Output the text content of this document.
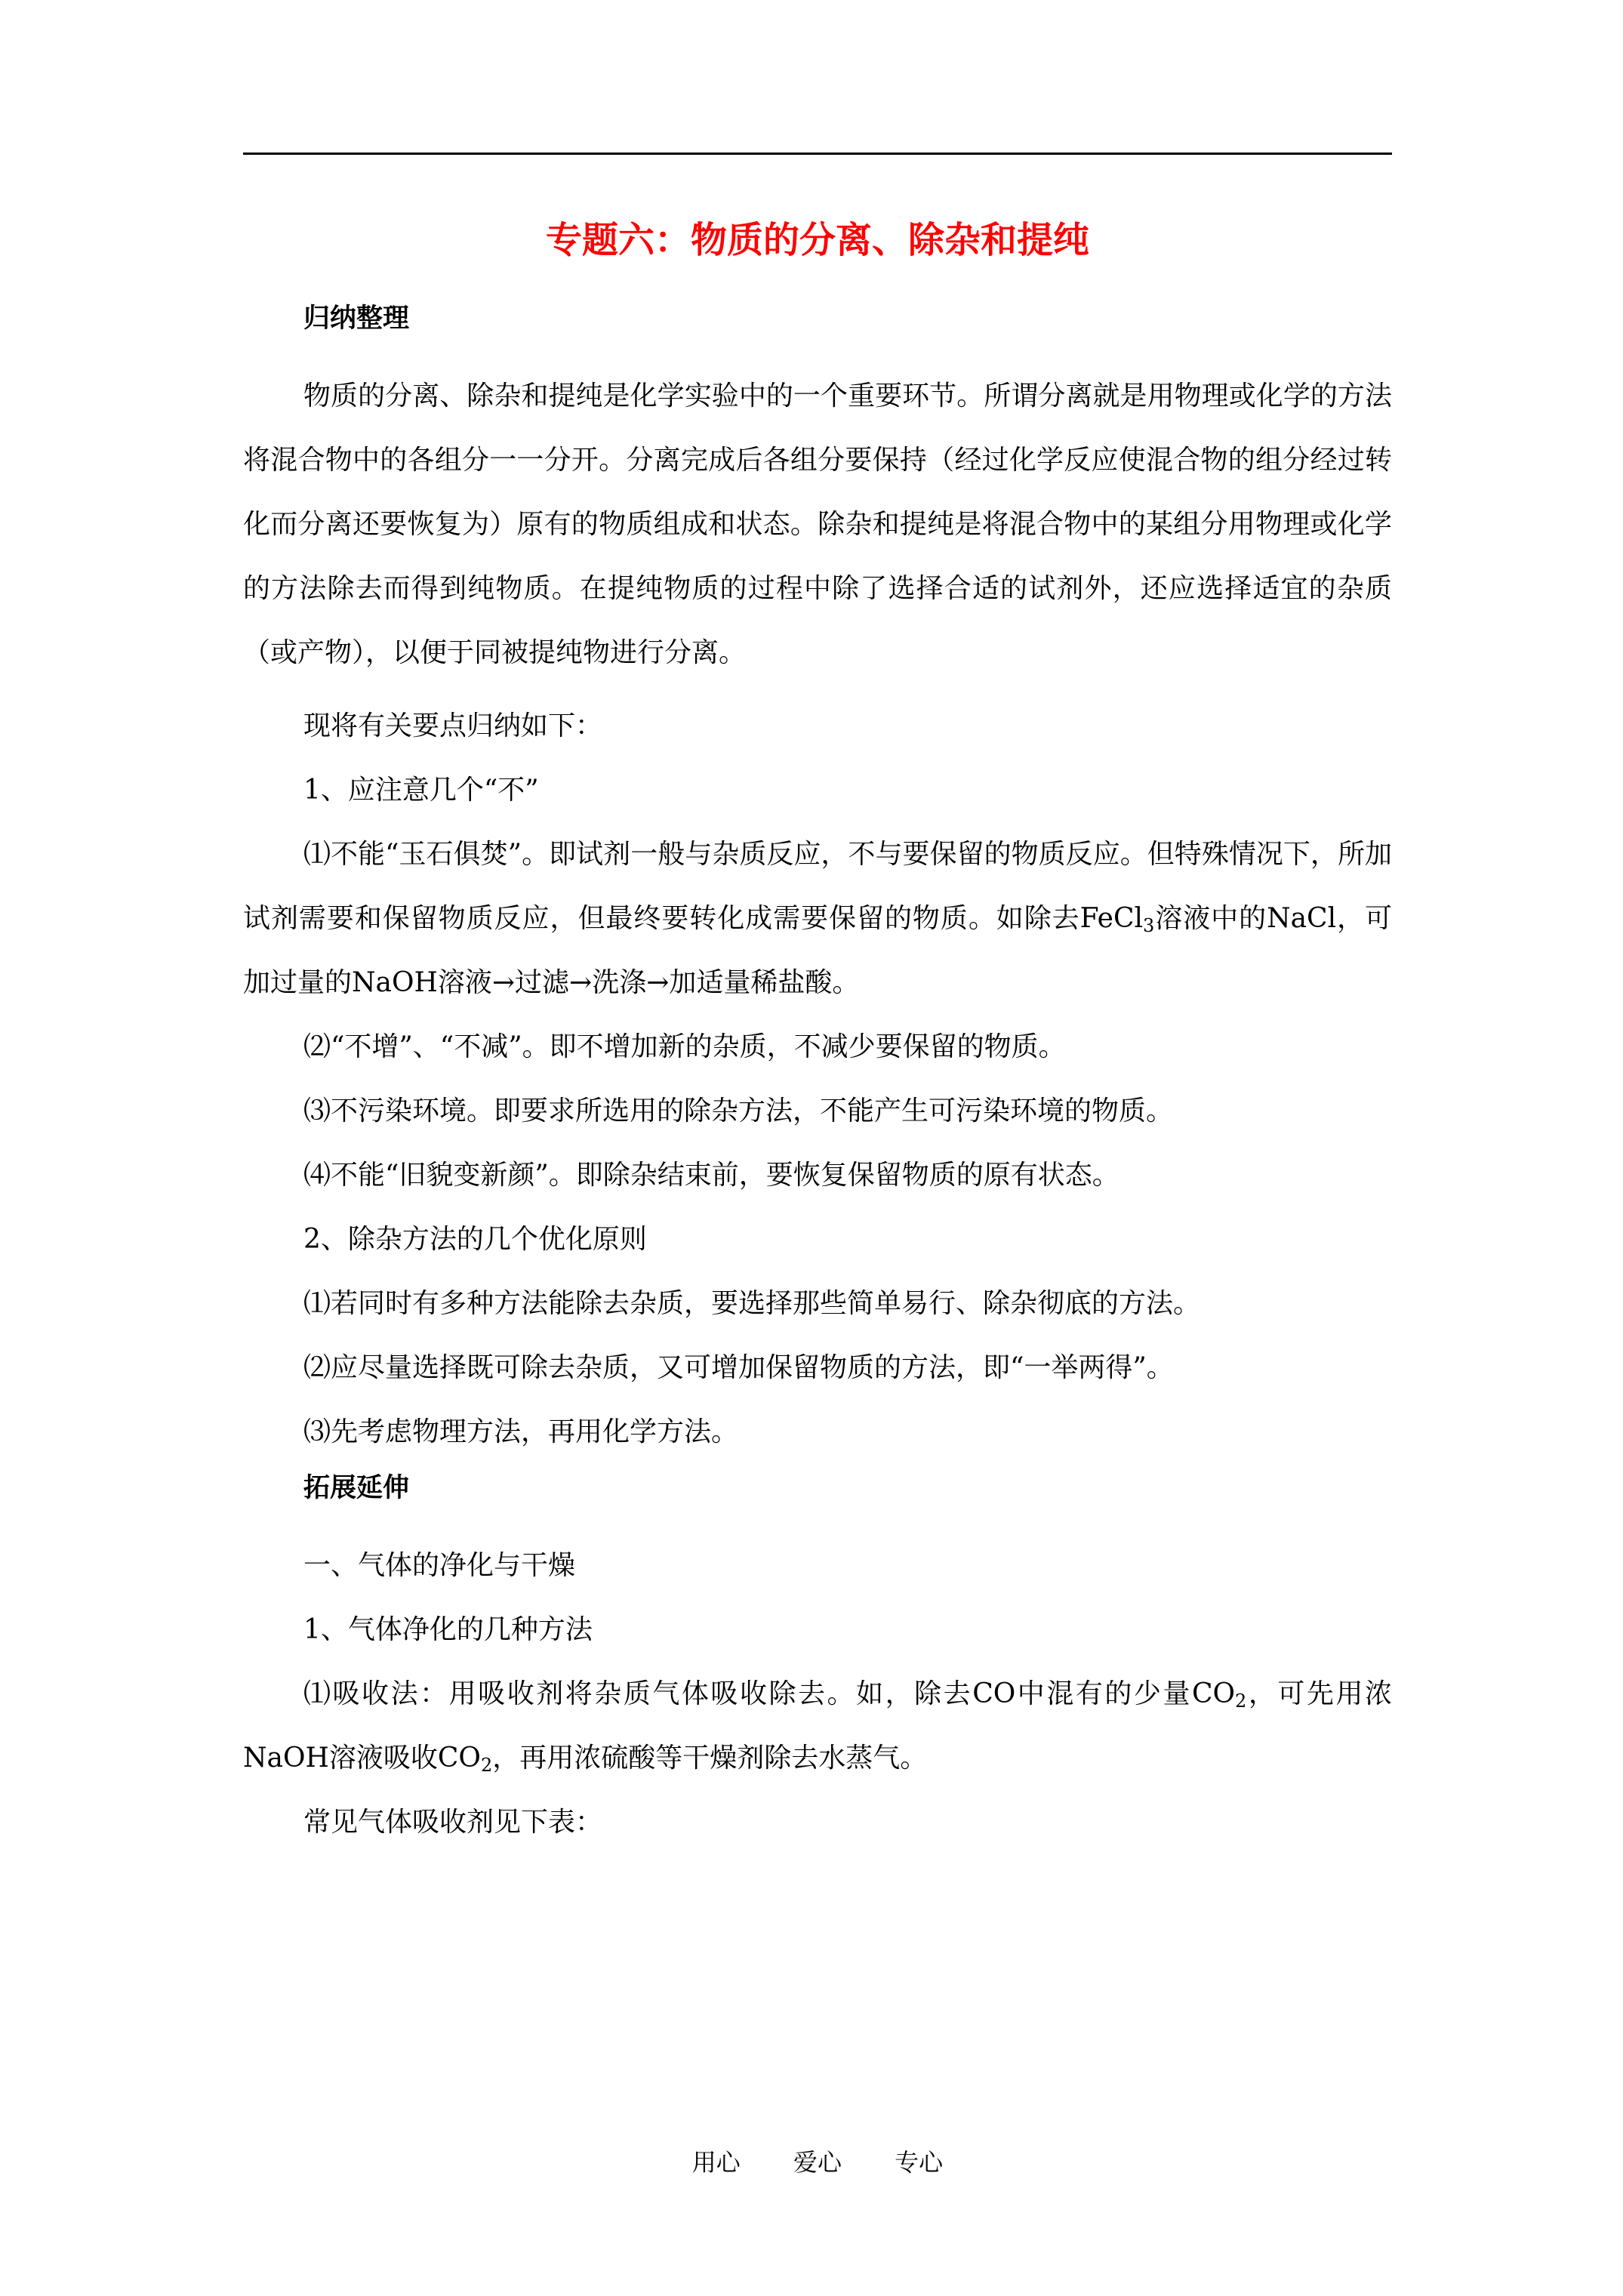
专题六：物质的分离、除杂和提纯
归纳整理

物质的分离、除杂和提纯是化学实验中的一个重要环节。所谓分离就是用物理或化学的方法将混合物中的各组分一一分开。分离完成后各组分要保持（经过化学反应使混合物的组分经过转化而分离还要恢复为）原有的物质组成和状态。除杂和提纯是将混合物中的某组分用物理或化学的方法除去而得到纯物质。在提纯物质的过程中除了选择合适的试剂外，还应选择适宜的杂质（或产物），以便于同被提纯物进行分离。

现将有关要点归纳如下：
1、应注意几个“不”

⑴不能“玉石俱焚”。即试剂一般与杂质反应，不与要保留的物质反应。但特殊情况下，所加试剂需要和保留物质反应，但最终要转化成需要保留的物质。如除去FeCl$_3$溶液中的NaCl，可加过量的NaOH溶液→过滤→洗涤→加适量稀盐酸。

⑵“不增”、“不减”。即不增加新的杂质，不减少要保留的物质。
⑶不污染环境。即要求所选用的除杂方法，不能产生可污染环境的物质。
⑷不能“旧貌变新颜”。即除杂结束前，要恢复保留物质的原有状态。
2、除杂方法的几个优化原则
⑴若同时有多种方法能除去杂质，要选择那些简单易行、除杂彻底的方法。
⑵应尽量选择既可除去杂质，又可增加保留物质的方法，即“一举两得”。
⑶先考虑物理方法，再用化学方法。
拓展延伸
一、气体的净化与干燥
1、气体净化的几种方法

⑴吸收法：用吸收剂将杂质气体吸收除去。如，除去CO中混有的少量$CO_2$，可先用浓NaOH溶液吸收$CO_2$，再用浓硫酸等干燥剂除去水蒸气。

常见气体吸收剂见下表：
用心 爱心 专心
